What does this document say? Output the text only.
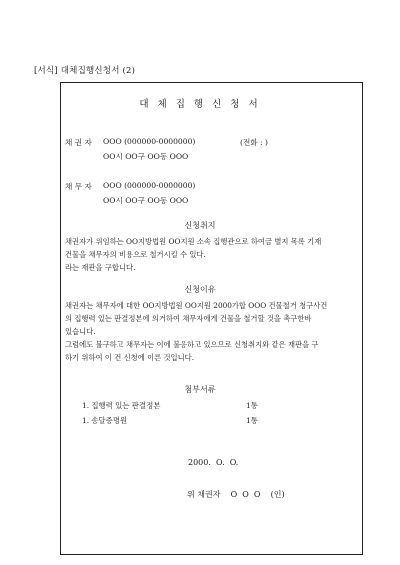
[서식] 대체집행신청서 (2)
대 체 집 행 신 청 서
채 권 자 OOO (000000-0000000)	(전화 : )
OO시 OO구 OO동 OOO
채 무 자 OOO (000000-0000000)
OO시 OO구 OO동 OOO
신청취지
채권자가 위임하는 OO지방법원 OO지원 소속 집행관으로 하여금 별지 목록 기재
건물을 채무자의 비용으로 철거시킬 수 있다.
라는 재판을 구합니다.
신청이유
채권자는 채무자에 대한 OO지방법원 OO지원 2000가합 OOO 건물철거 청구사건
의 집행력 있는 판결정본에 의거하여 채무자에게 건물을 철거할 것을 촉구한바
있습니다.
그럼에도 불구하고 채무자는 이에 불응하고 있으므로 신청취지와 같은 재판을 구
하기 위하여 이 건 신청에 이른 것입니다.
첨부서류
1. 집행력 있는 판결정본	1통
1. 송달증명원	1통
2000.  O.  O.
위 채권자    O  O  O    (인)
